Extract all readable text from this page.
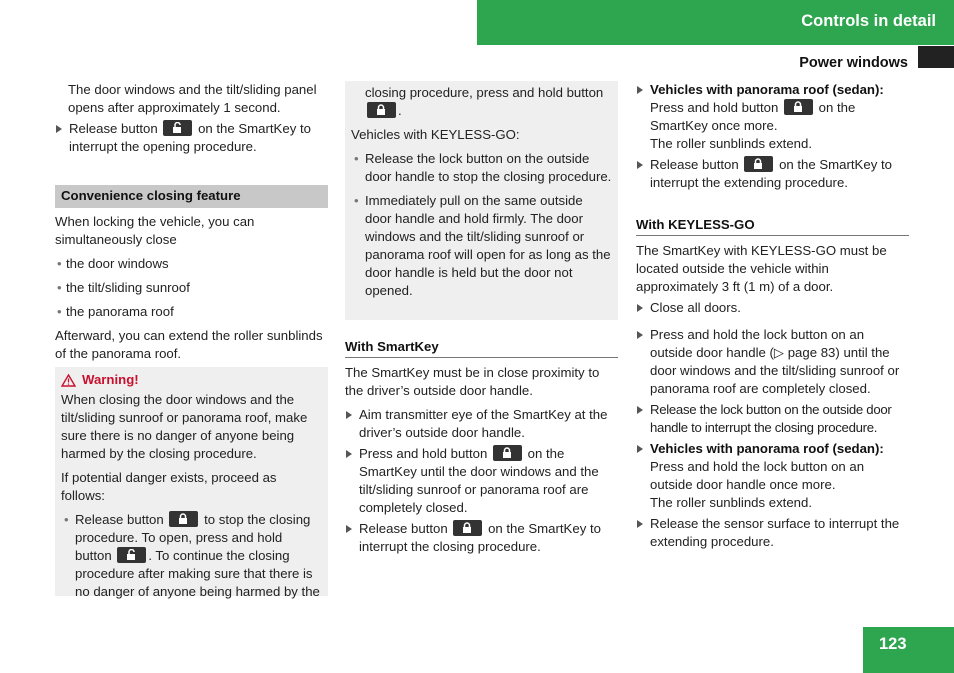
Controls in detail
Power windows
The door windows and the tilt/sliding panel opens after approximately 1 second.
Release button	on the SmartKey to interrupt the opening procedure.
Convenience closing feature
When locking the vehicle, you can simultaneously close
• the door windows
• the tilt/sliding sunroof
• the panorama roof
Afterward, you can extend the roller sunblinds of the panorama roof.
Warning!
When closing the door windows and the tilt/sliding sunroof or panorama roof, make sure there is no danger of anyone being harmed by the closing procedure.
If potential danger exists, proceed as follows:
• Release button	to stop the closing procedure. To open, press and hold button	. To continue the closing procedure after making sure that there is no danger of anyone being harmed by the
closing procedure, press and hold button
.
Vehicles with KEYLESS-GO:
• Release the lock button on the outside door handle to stop the closing procedure.
• Immediately pull on the same outside door handle and hold firmly. The door windows and the tilt/sliding sunroof or panorama roof will open for as long as the door handle is held but the door not opened.
With SmartKey
The SmartKey must be in close proximity to the driver’s outside door handle.
Aim transmitter eye of the SmartKey at the driver’s outside door handle.
Press and hold button	on the SmartKey until the door windows and the tilt/sliding sunroof or panorama roof are completely closed.
Release button	on the SmartKey to interrupt the closing procedure.
Vehicles with panorama roof (sedan):
Press and hold button	on the SmartKey once more.
The roller sunblinds extend.
Release button	on the SmartKey to interrupt the extending procedure.
With KEYLESS-GO
The SmartKey with KEYLESS-GO must be located outside the vehicle within approximately 3 ft (1 m) of a door.
Close all doors.
Press and hold the lock button on an outside door handle (▷ page 83) until the door windows and the tilt/sliding sunroof or panorama roof are completely closed.
Release the lock button on the outside door handle to interrupt the closing procedure.
Vehicles with panorama roof (sedan):
Press and hold the lock button on an outside door handle once more.
The roller sunblinds extend.
Release the sensor surface to interrupt the extending procedure.
123
